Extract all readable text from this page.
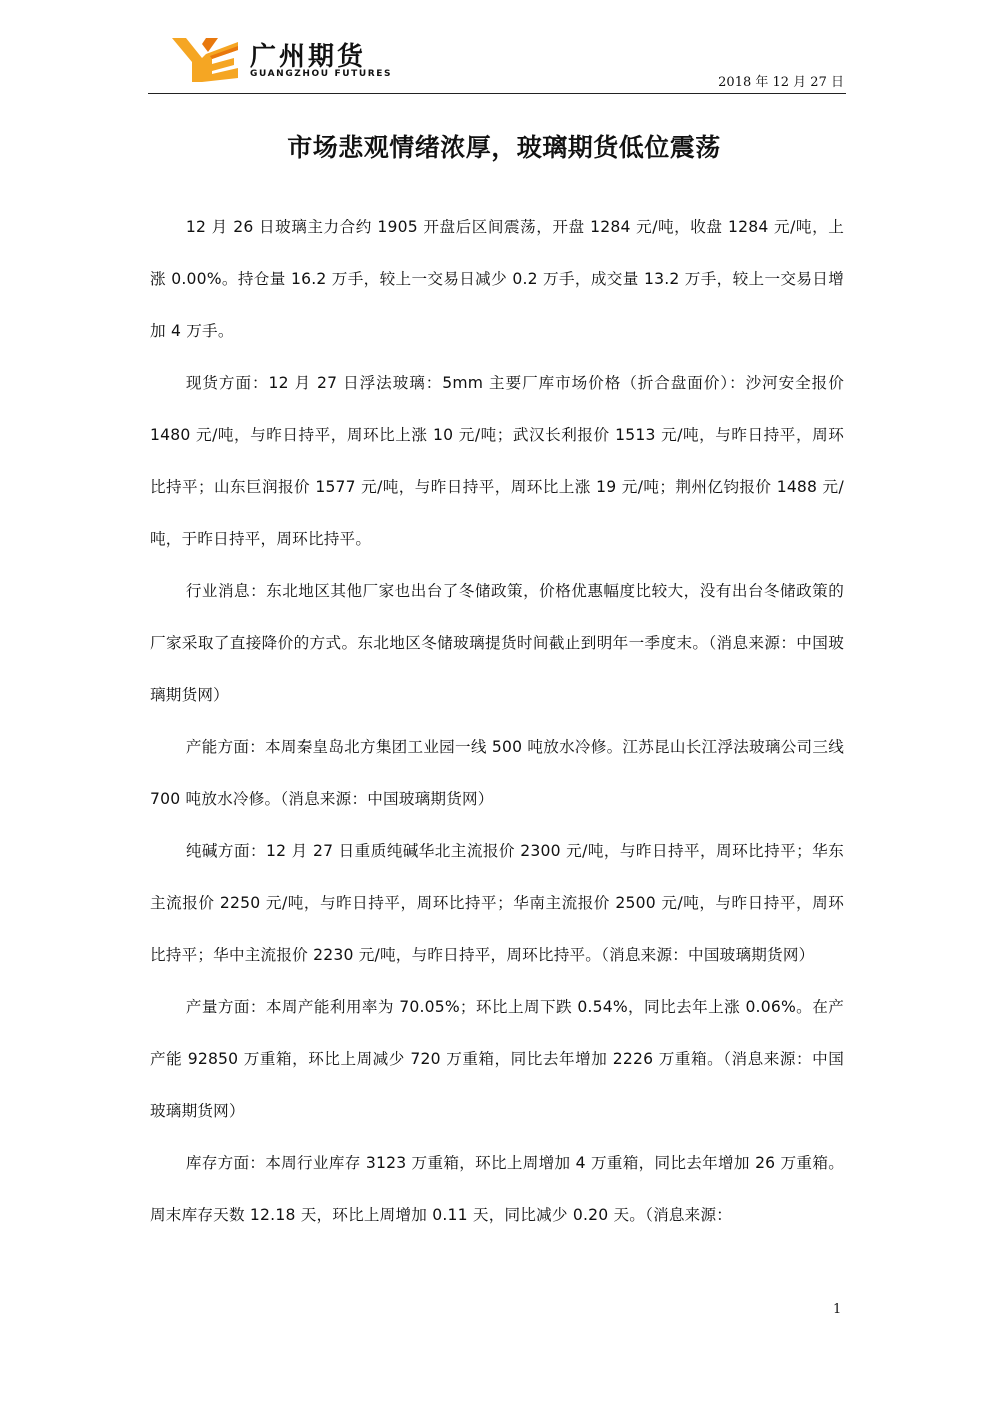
广州期货
GUANGZHOU FUTURES
2018 年 12 月 27 日
市场悲观情绪浓厚，玻璃期货低位震荡

12 月 26 日玻璃主力合约 1905 开盘后区间震荡，开盘 1284 元/吨，收盘 1284 元/吨，上涨 0.00%。持仓量 16.2 万手，较上一交易日减少 0.2 万手，成交量 13.2 万手，较上一交易日增加 4 万手。

现货方面：12 月 27 日浮法玻璃：5mm 主要厂库市场价格（折合盘面价）：沙河安全报价 1480 元/吨，与昨日持平，周环比上涨 10 元/吨；武汉长利报价 1513 元/吨，与昨日持平，周环比持平；山东巨润报价 1577 元/吨，与昨日持平，周环比上涨 19 元/吨；荆州亿钧报价 1488 元/吨，于昨日持平，周环比持平。

行业消息：东北地区其他厂家也出台了冬储政策，价格优惠幅度比较大，没有出台冬储政策的厂家采取了直接降价的方式。东北地区冬储玻璃提货时间截止到明年一季度末。（消息来源：中国玻璃期货网）

产能方面：本周秦皇岛北方集团工业园一线 500 吨放水冷修。江苏昆山长江浮法玻璃公司三线 700 吨放水冷修。（消息来源：中国玻璃期货网）

纯碱方面：12 月 27 日重质纯碱华北主流报价 2300 元/吨，与昨日持平，周环比持平；华东主流报价 2250 元/吨，与昨日持平，周环比持平；华南主流报价 2500 元/吨，与昨日持平，周环比持平；华中主流报价 2230 元/吨，与昨日持平，周环比持平。（消息来源：中国玻璃期货网）

产量方面：本周产能利用率为 70.05%；环比上周下跌 0.54%，同比去年上涨 0.06%。在产产能 92850 万重箱，环比上周减少 720 万重箱，同比去年增加 2226 万重箱。（消息来源：中国玻璃期货网）

库存方面：本周行业库存 3123 万重箱，环比上周增加 4 万重箱，同比去年增加 26 万重箱。周末库存天数 12.18 天，环比上周增加 0.11 天，同比减少 0.20 天。（消息来源：

1
